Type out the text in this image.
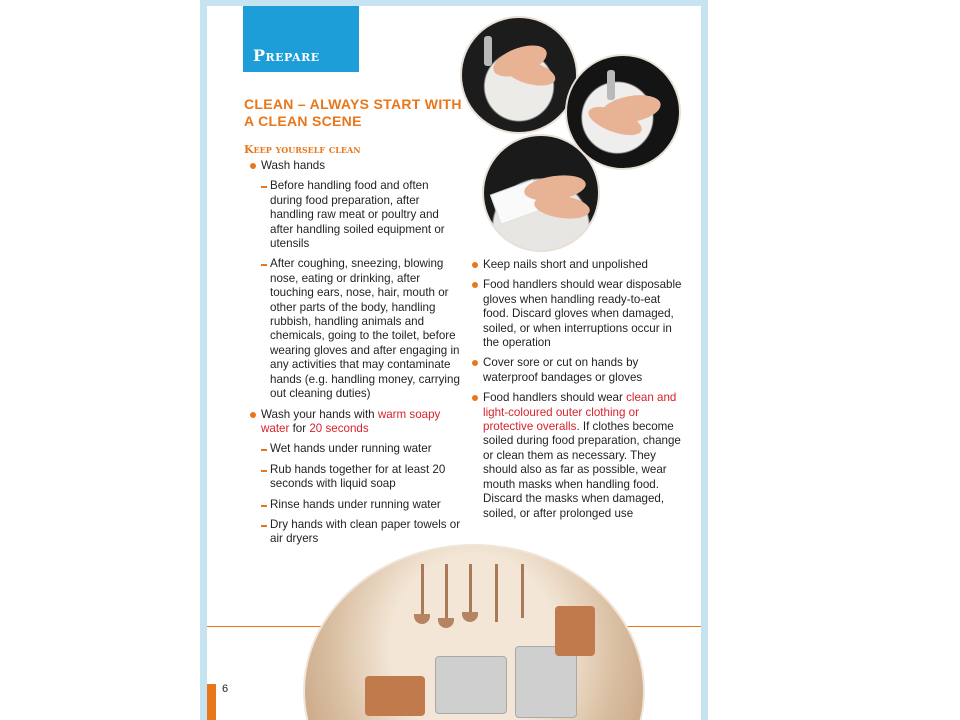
Prepare
CLEAN – ALWAYS START WITH A CLEAN SCENE
Keep yourself clean
Wash hands
Before handling food and often during food preparation, after handling raw meat or poultry and after handling soiled equipment or utensils
After coughing, sneezing, blowing nose, eating or drinking, after touching ears, nose, hair, mouth or other parts of the body, handling rubbish, handling animals and chemicals, going to the toilet, before wearing gloves and after engaging in any activities that may contaminate hands (e.g. handling money, carrying out cleaning duties)
Wash your hands with warm soapy water for 20 seconds
Wet hands under running water
Rub hands together for at least 20 seconds with liquid soap
Rinse hands under running water
Dry hands with clean paper towels or air dryers
Keep nails short and unpolished
Food handlers should wear disposable gloves when handling ready-to-eat food. Discard gloves when damaged, soiled, or when interruptions occur in the operation
Cover sore or cut on hands by waterproof bandages or gloves
Food handlers should wear clean and light-coloured outer clothing or protective overalls. If clothes become soiled during food preparation, change or clean them as necessary. They should also as far as possible, wear mouth masks when handling food. Discard the masks when damaged, soiled, or after prolonged use
6
